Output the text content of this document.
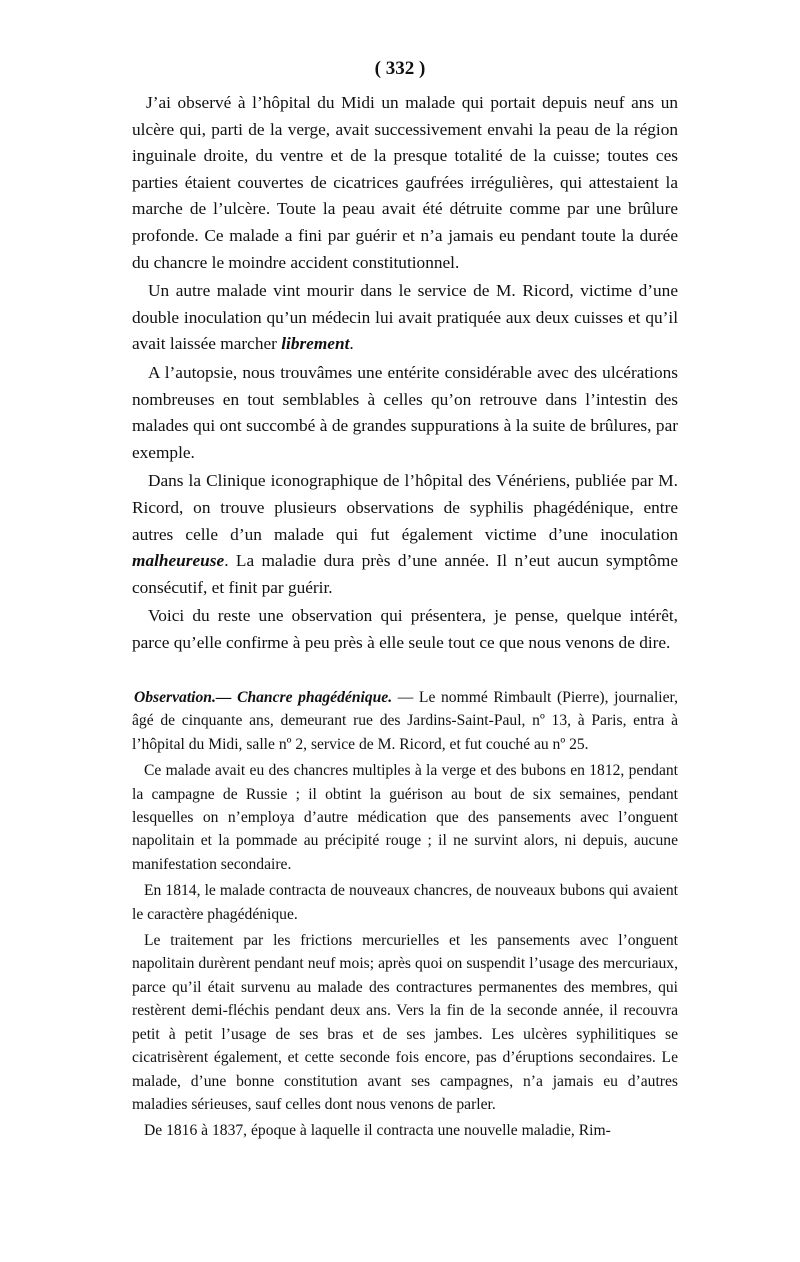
( 332 )

J’ai observé à l’hôpital du Midi un malade qui portait depuis neuf ans un ulcère qui, parti de la verge, avait successivement envahi la peau de la région inguinale droite, du ventre et de la presque totalité de la cuisse; toutes ces parties étaient couvertes de cicatrices gaufrées irrégulières, qui attestaient la marche de l’ulcère. Toute la peau avait été détruite comme par une brûlure profonde. Ce malade a fini par guérir et n’a jamais eu pendant toute la durée du chancre le moindre accident constitutionnel.

Un autre malade vint mourir dans le service de M. Ricord, victime d’une double inoculation qu’un médecin lui avait pratiquée aux deux cuisses et qu’il avait laissée marcher librement.

A l’autopsie, nous trouvâmes une entérite considérable avec des ulcérations nombreuses en tout semblables à celles qu’on retrouve dans l’intestin des malades qui ont succombé à de grandes suppurations à la suite de brûlures, par exemple.

Dans la Clinique iconographique de l’hôpital des Vénériens, publiée par M. Ricord, on trouve plusieurs observations de syphilis phagédénique, entre autres celle d’un malade qui fut également victime d’une inoculation malheureuse. La maladie dura près d’une année. Il n’eut aucun symptôme consécutif, et finit par guérir.

Voici du reste une observation qui présentera, je pense, quelque intérêt, parce qu’elle confirme à peu près à elle seule tout ce que nous venons de dire.

Observation.— Chancre phagédénique. — Le nommé Rimbault (Pierre), journalier, âgé de cinquante ans, demeurant rue des Jardins-Saint-Paul, nº 13, à Paris, entra à l’hôpital du Midi, salle nº 2, service de M. Ricord, et fut couché au nº 25.

Ce malade avait eu des chancres multiples à la verge et des bubons en 1812, pendant la campagne de Russie ; il obtint la guérison au bout de six semaines, pendant lesquelles on n’employa d’autre médication que des pansements avec l’onguent napolitain et la pommade au précipité rouge ; il ne survint alors, ni depuis, aucune manifestation secondaire.

En 1814, le malade contracta de nouveaux chancres, de nouveaux bubons qui avaient le caractère phagédénique.

Le traitement par les frictions mercurielles et les pansements avec l’onguent napolitain durèrent pendant neuf mois; après quoi on suspendit l’usage des mercuriaux, parce qu’il était survenu au malade des contractures permanentes des membres, qui restèrent demi-fléchis pendant deux ans. Vers la fin de la seconde année, il recouvra petit à petit l’usage de ses bras et de ses jambes. Les ulcères syphilitiques se cicatrisèrent également, et cette seconde fois encore, pas d’éruptions secondaires. Le malade, d’une bonne constitution avant ses campagnes, n’a jamais eu d’autres maladies sérieuses, sauf celles dont nous venons de parler.

De 1816 à 1837, époque à laquelle il contracta une nouvelle maladie, Rim-
